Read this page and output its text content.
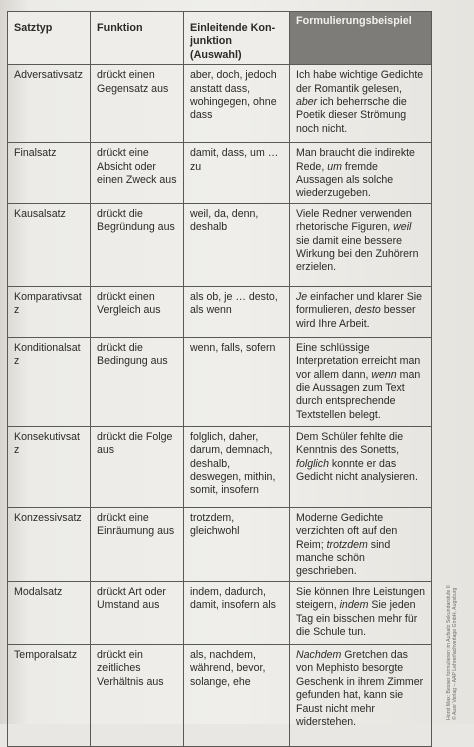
Satztyp	Funktion	Einleitende Kon-junktion (Auswahl)	Formulierungsbeispiel
Adversativsatz	drückt einen Gegensatz aus	aber, doch, jedoch anstatt dass, wohingegen, ohne dass	Ich habe wichtige Gedichte der Romantik gelesen, aber ich beherrsche die Poetik dieser Strömung noch nicht.
Finalsatz	drückt eine Absicht oder einen Zweck aus	damit, dass, um … zu	Man braucht die indirekte Rede, um fremde Aussagen als solche wiederzugeben.
Kausalsatz	drückt die Begründung aus	weil, da, denn, deshalb	Viele Redner verwenden rhetorische Figuren, weil sie damit eine bessere Wirkung bei den Zuhörern erzielen.
Komparativsatz	drückt einen Vergleich aus	als ob, je … desto, als wenn	Je einfacher und klarer Sie formulieren, desto besser wird Ihre Arbeit.
Konditionalsatz	drückt die Bedingung aus	wenn, falls, sofern	Eine schlüssige Interpretation erreicht man vor allem dann, wenn man die Aussagen zum Text durch entsprechende Textstellen belegt.
Konsekutivsatz	drückt die Folge aus	folglich, daher, darum, demnach, deshalb, deswegen, mithin, somit, insofern	Dem Schüler fehlte die Kenntnis des Sonetts, folglich konnte er das Gedicht nicht analysieren.
Konzessivsatz	drückt eine Einräumung aus	trotzdem, gleichwohl	Moderne Gedichte verzichten oft auf den Reim; trotzdem sind manche schön geschrieben.
Modalsatz	drückt Art oder Umstand aus	indem, dadurch, damit, insofern als	Sie können Ihre Leistungen steigern, indem Sie jeden Tag ein bisschen mehr für die Schule tun.
Temporalsatz	drückt ein zeitliches Verhältnis aus	als, nachdem, während, bevor, solange, ehe	Nachdem Gretchen das von Mephisto besorgte Geschenk in ihrem Zimmer gefunden hat, kann sie Faust nicht mehr widerstehen.
Horst Max: Besser formulieren im Aufsatz Sekundarstufe II © Auer Verlag – AAP Lehrerfachverlage GmbH, Augsburg
